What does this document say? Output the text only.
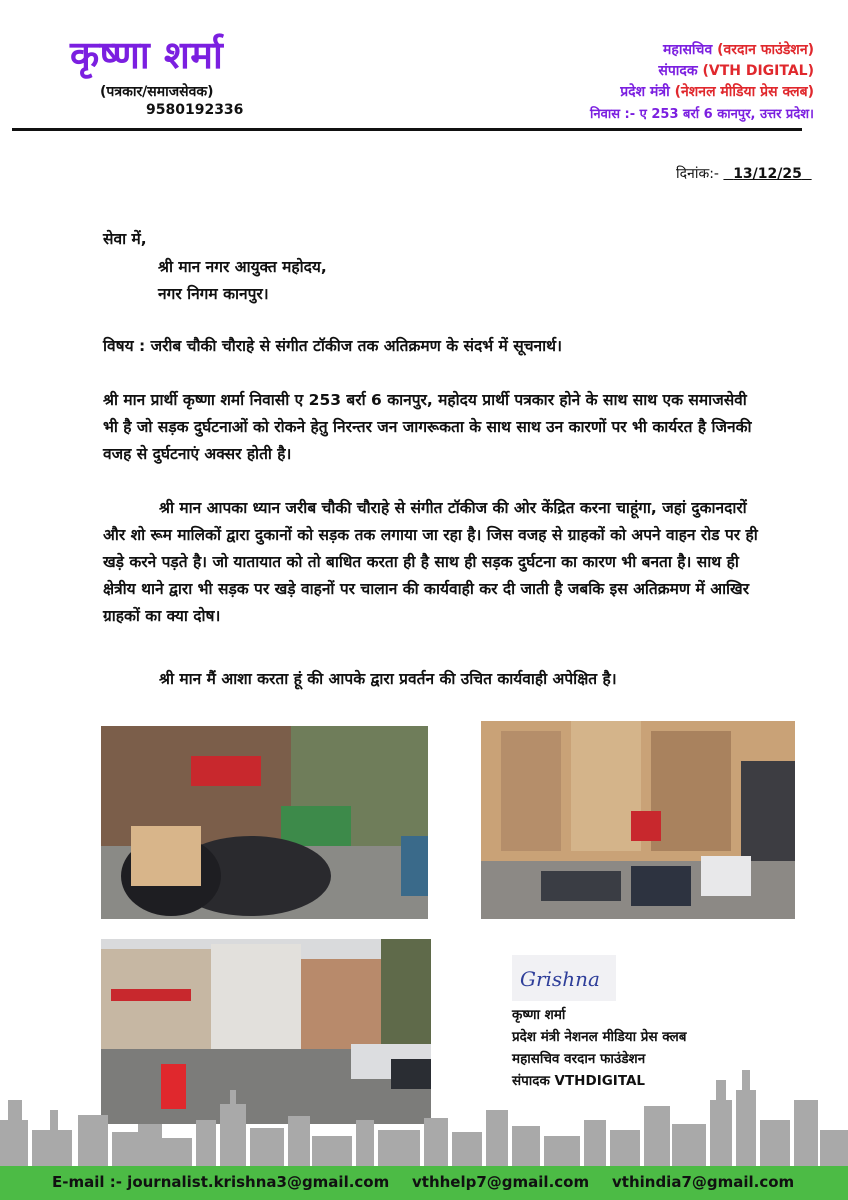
कृष्णा शर्मा
(पत्रकार/समाजसेवक)
9580192336
महासचिव (वरदान फाउंडेशन)
संपादक (VTH DIGITAL)
प्रदेश मंत्री (नेशनल मीडिया प्रेस क्लब)
निवास :- ए 253 बर्रा 6 कानपुर, उत्तर प्रदेश।
दिनांक:- 13/12/25
सेवा में,
श्री मान नगर आयुक्त महोदय,
नगर निगम कानपुर।
विषय : जरीब चौकी चौराहे से संगीत टॉकीज तक अतिक्रमण के संदर्भ में सूचनार्थ।
श्री मान प्रार्थी कृष्णा शर्मा निवासी ए 253 बर्रा 6 कानपुर, महोदय प्रार्थी पत्रकार होने के साथ साथ एक समाजसेवी भी है जो सड़क दुर्घटनाओं को रोकने हेतु निरन्तर जन जागरूकता के साथ साथ उन कारणों पर भी कार्यरत है जिनकी वजह से दुर्घटनाएं अक्सर होती है।
श्री मान आपका ध्यान जरीब चौकी चौराहे से संगीत टॉकीज की ओर केंद्रित करना चाहूंगा, जहां दुकानदारों और शो रूम मालिकों द्वारा दुकानों को सड़क तक लगाया जा रहा है। जिस वजह से ग्राहकों को अपने वाहन रोड पर ही खड़े करने पड़ते है। जो यातायात को तो बाधित करता ही है साथ ही सड़क दुर्घटना का कारण भी बनता है। साथ ही क्षेत्रीय थाने द्वारा भी सड़क पर खड़े वाहनों पर चालान की कार्यवाही कर दी जाती है जबकि इस अतिक्रमण में आखिर ग्राहकों का क्या दोष।
श्री मान मैं आशा करता हूं की आपके द्वारा प्रवर्तन की उचित कार्यवाही अपेक्षित है।
Grishna
कृष्णा शर्मा
प्रदेश मंत्री नेशनल मीडिया प्रेस क्लब
महासचिव वरदान फाउंडेशन
संपादक VTHDIGITAL
E-mail :- journalist.krishna3@gmail.com vthhelp7@gmail.com vthindia7@gmail.com
